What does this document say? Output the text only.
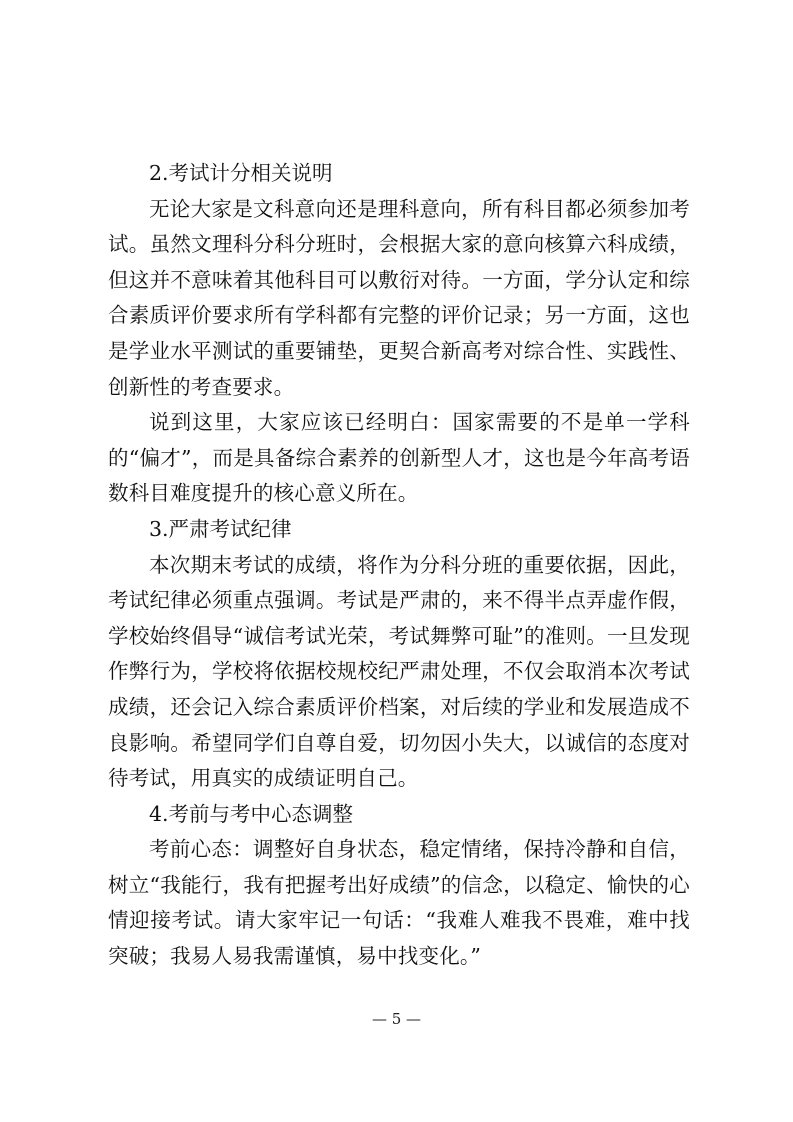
2.考试计分相关说明

无论大家是文科意向还是理科意向，所有科目都必须参加考试。虽然文理科分科分班时，会根据大家的意向核算六科成绩，但这并不意味着其他科目可以敷衍对待。一方面，学分认定和综合素质评价要求所有学科都有完整的评价记录；另一方面，这也是学业水平测试的重要铺垫，更契合新高考对综合性、实践性、创新性的考查要求。

说到这里，大家应该已经明白：国家需要的不是单一学科的“偏才”，而是具备综合素养的创新型人才，这也是今年高考语数科目难度提升的核心意义所在。

3.严肃考试纪律

本次期末考试的成绩，将作为分科分班的重要依据，因此，考试纪律必须重点强调。考试是严肃的，来不得半点弄虚作假，学校始终倡导“诚信考试光荣，考试舞弊可耻”的准则。一旦发现作弊行为，学校将依据校规校纪严肃处理，不仅会取消本次考试成绩，还会记入综合素质评价档案，对后续的学业和发展造成不良影响。希望同学们自尊自爱，切勿因小失大，以诚信的态度对待考试，用真实的成绩证明自己。

4.考前与考中心态调整

考前心态：调整好自身状态，稳定情绪，保持冷静和自信，树立“我能行，我有把握考出好成绩”的信念，以稳定、愉快的心情迎接考试。请大家牢记一句话：“我难人难我不畏难，难中找突破；我易人易我需谨慎，易中找变化。”

— 5 —
